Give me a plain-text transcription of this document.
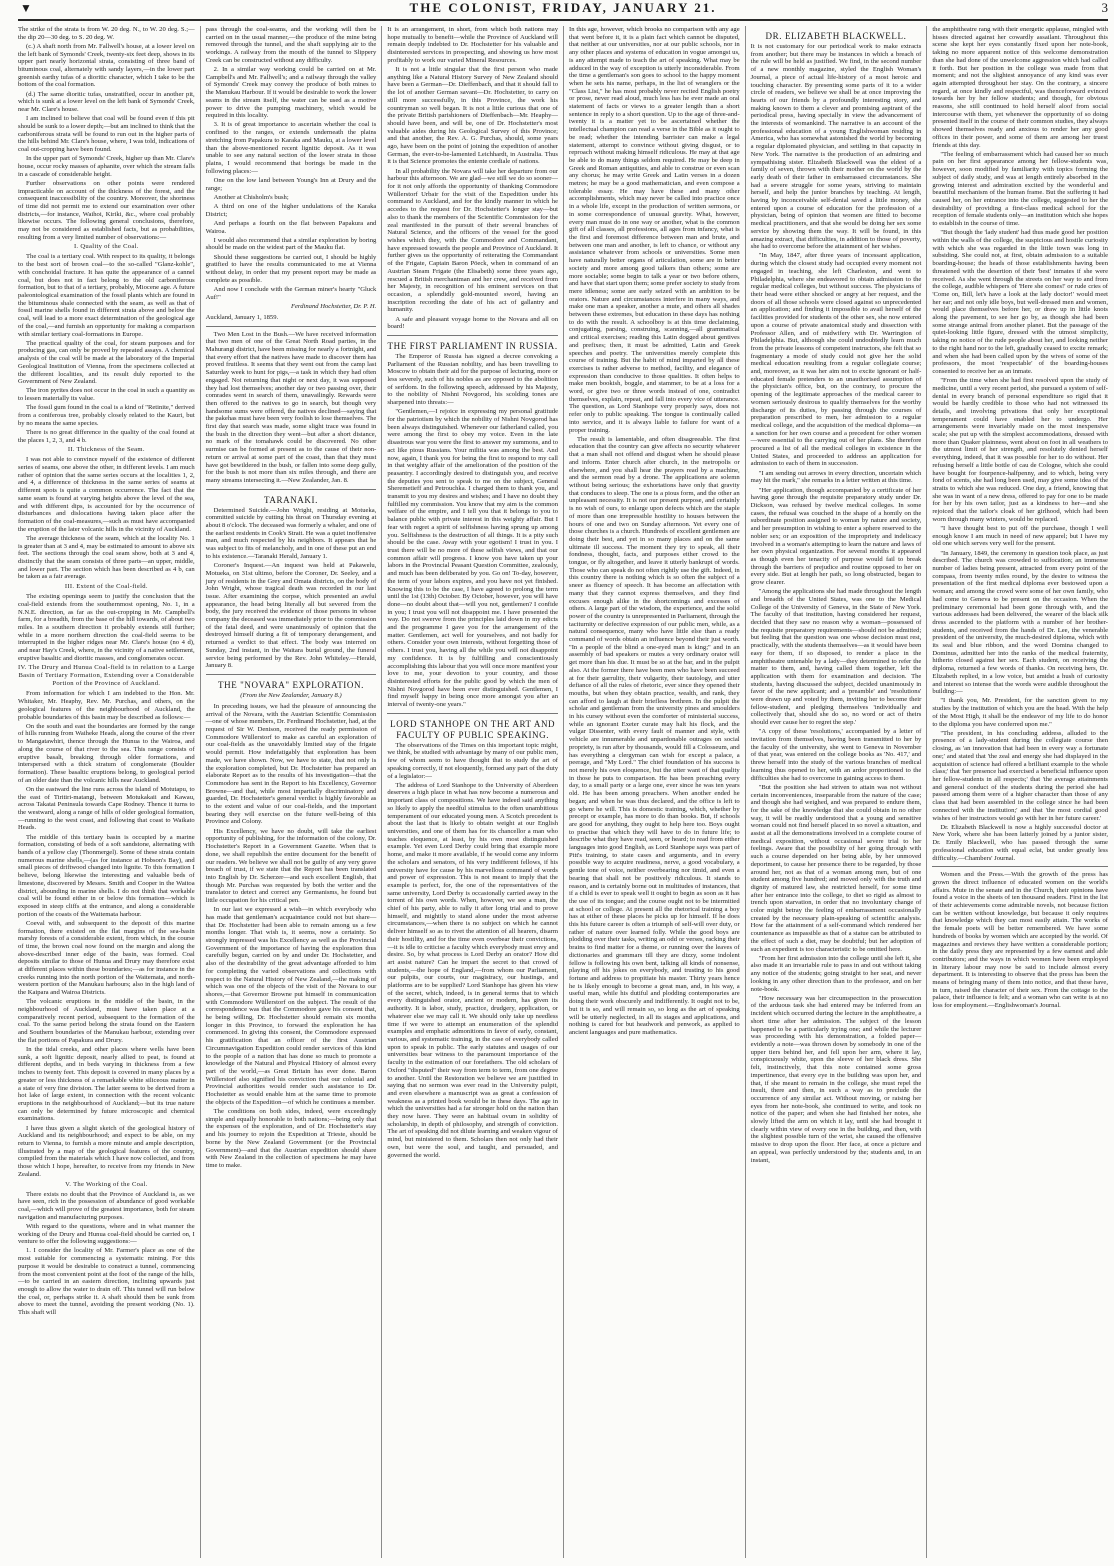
▼	THE COLONIST, FRIDAY, JANUARY 21.	3

The strike of the strata is from W. 20 deg. N., to W. 20 deg. S.;—the dip 20—30 deg. to S. 20 deg. W.

(c.) A shaft north from Mr. Fallwell's house, at a lower level on the left bank of Symonds' Creek, twenty-six feet deep, shows in its upper part nearly horizontal strata, consisting of three band of bituminous coal, alternately with sandy layers,—in the lower part greenish earthy tufas of a dioritic character, which I take to be the bottom of the coal formation.

(d.) The same dioritic tufas, unstratified, occur in another pit, which is sunk at a lower level on the left bank of Symonds' Creek, near Mr. Clare's house.

I am inclined to believe that coal will be found even if this pit should be sunk to a lower depth;—but am inclined to think that the carboniferous strata will be found to run out in the higher parts of the hills behind Mr. Clare's house, where, I was told, indications of coal out-cropping have been found.

In the upper part of Symonds' Creek, higher up than Mr. Clare's house, occur rocky masses of aphanite, over which the stream falls in a cascade of considerable height.

Further observations on other points were rendered impracticable on account of the thickness of the forest, and the consequent inaccessibility of the country. Moreover, the shortness of time did not permit me to extend our examination over other districts,—for instance, Waihoi, Kiriki, &c., where coal probably likewise occurs. The following general conclusions, therefore, may not be considered as established facts, but as probabilities, resulting from a very limited number of observations:—

I. Quality of the Coal.

The coal is a tertiary coal. With respect to its quality, it belongs to the best sort of brown coal—to the so-called "Glanz-kohle", with conchoidal fracture. It has quite the appearance of a cannel coal, but does not in fact belong to the old carboniferous formation, but to that of a tertiary, probably, Miocene age. A future paleontological examination of the fossil plants which are found in the bituminous shale connected with the seam, as well as that of fossil marine shells found in different strata above and below the coal, will lead to a more exact determination of the geological age of the coal,—and furnish an opportunity for making a comparison with similar tertiary coal-formations in Europe.

The practical quality of the coal, for steam purposes and for producing gas, can only be proved by repeated assays. A chemical analysis of the coal will be made at the laboratory of the Imperial Geological Institution of Vienna, from the specimens collected at the different localities, and its result duly reported to the Government of New Zealand.

The iron pyrites does not occur in the coal in such a quantity as to lessen materially its value.

The fossil gum found in the coal is a kind of "Retinite," derived from a coniferous tree, probably closely related to the Kauri, but by no means the same species.

There is no great difference in the quality of the coal found at the places 1, 2, 3, and 4 b.

II. Thickness of the Seam.

I was not able to convince myself of the existence of different series of seams, one above the other, in different levels. I am much rather of opinion that the same series occurs at the localities 1, 2, and 4, a difference of thickness in the same series of seams at different spots is quite a common occurrence. The fact that the same seam is found at varying heights above the level of the sea, and with different dips, is accounted for by the occurrence of disturbances and dislocations having taken place after the formation of the coal-measures,—such as must have accompanied the eruption of the later volcanic hills in the vicinity of Auckland.

The average thickness of the seam, which at the locality No. 1 is greater than at 3 and 4, may be estimated to amount to above six feet. The sections through the coal seam show, both at 3 and 4, distinctly that the seam consists of three parts—an upper, middle, and lower part. The section which has been described as 4 b, can be taken as a fair average.

III. Extent of the Coal-field.

The existing openings seem to justify the conclusion that the coal-field extends from the southernmost opening, No. 1, in a N.N.E. direction, as far as the out-cropping in Mr. Campbell's farm, for a breadth, from the base of the hill towards, of about two miles. In a southern direction it probably extends still further; while in a more northern direction the coal-field seems to be interrupted in the higher ridges near Mr. Clare's house (no 4 d), and near Hay's Creek, where, in the vicinity of a native settlement, eruptive basaltic and dioritic masses, and conglomerates occur.

IV. The Drury and Hunua Coal-field is in relation to a Large Basin of Tertiary Formation, Extending over a Considerable Portion of the Province of Auckland.

From information for which I am indebted to the Hon. Mr. Whitaker, Mr. Heaphy, Rev. Mr. Purchas, and others, on the geological features of the neighbourhood of Auckland, the probable boundaries of this basin may be described as follows:—

On the south and east the boundaries are formed by the range of hills running from Waiheke Heads, along the course of the river to Mangatawhiri, thence through the Hunua to the Wairoa, and along the course of that river to the sea. This range consists of eruptive basalt, breaking through older formations, and interspersed with a thick stratum of conglomerate (Boulder formation). These basaltic eruptions belong, to geological period of an older date than the volcanic hills near Auckland.

On the eastward the line runs across the island of Motutapu, to the east of Tiritiri-matangi, between Motukakaii and Kawau, across Takatai Peninsula towards Cape Rodney. Thence it turns to the westward, along a range of hills of older geological formation,—running to the west coast, and following that coast to Waikato Heads.

The middle of this tertiary basin is occupied by a marine formation, consisting of beds of a soft sandstone, alternating with bands of a yellow clay (Thonmergel). Some of these strata contain numerous marine shells,—(as for instance at Hobson's Bay), and small pieces of driftwood changed into lignite. To this formation I believe, belong likewise the interesting and valuable beds of limestone, discovered by Messrs. Smith and Cooper in the Waitoa district, abounding in marine shells. I do not think that workable coal will be found either in or below this formation—which is exposed in steep cliffs at the entrance, and along a considerable portion of the coasts of the Waitemata harbour.

Coeval with, and subsequent to the deposit of this marine formation, there existed on the flat margins of the sea-basin marshy forests of a considerable extent, from which, in the course of time, the brown coal now found on the margin and along the above-described inner edge of the basin, was formed. Coal deposits similar to those of Hunua and Drury may therefore exist at different places within these boundaries;—as for instance in the creeks running into the north portion of the Waitemata, and north-western portion of the Manukau harbours; also in the high land of the Kaipara and Wairoa Districts.

The volcanic eruptions in the middle of the basin, in the neighbourhood of Auckland, must have taken place at a comparatively recent period, subsequent to the formation of the coal. To the same period belong the strata found on the Eastern and Southern boundaries of the Manukau harbour, extending over the flat portions of Papakura and Drury.

In the tidal creeks, and other places where wells have been sunk, a soft lignitic deposit, nearly allied to peat, is found at different depths, and in beds varying in thickness from a few inches to twenty feet. This deposit is covered in many places by a greater or less thickness of a remarkable white siliceous matter in a state of very fine division. The latter seems to be derived from a hot lake of large extent, in connection with the recent volcanic eruptions in the neighbourhood of Auckland;—but its true nature can only be determined by future microscopic and chemical examinations.

I have thus given a slight sketch of the geological history of Auckland and its neighbourhood; and expect to be able, on my return to Vienna, to furnish a more minute and ample description, illustrated by a map of the geological features of the country, compiled from the materials which I have now collected, and from those which I hope, hereafter, to receive from my friends in New Zealand.

V. The Working of the Coal.

There exists no doubt that the Province of Auckland is, as we have seen, rich in the possession of abundance of good workable coal,—which will prove of the greatest importance, both for steam navigation and manufacturing purposes.

With regard to the questions, where and in what manner the working of the Drury and Hunua coal-field should be carried on, I venture to offer the following suggestions:—

1. I consider the locality of Mr. Farmer's place as one of the most suitable for commencing a systematic mining. For this purpose it would be desirable to construct a tunnel, commencing from the most convenient point at the foot of the range of the hills,—to be carried in an eastern direction, inclining upwards just enough to allow the water to drain off. This tunnel will run below the coal, or, perhaps strike it. A shaft should then be sunk from above to meet the tunnel, avoiding the present working (No. 1). This shaft will

pass through the coal-seams, and the working will then be carried on in the usual manner,—the produce of the mine being removed through the tunnel, and the shaft supplying air to the workings. A railway from the mouth of the tunnel to Slippery Creek can be constructed without any difficulty.

2. In a similar way working could be carried on at Mr. Campbell's and Mr. Fallwell's; and a railway through the valley of Symonds' Creek may convey the produce of both mines to the Manukau Harbour. If it would be desirable to work the lower seams in the stream itself, the water can be used as a motive power to drive the pumping machinery, which would be required in this locality.

3. It is of great importance to ascertain whether the coal is confined to the ranges, or extends underneath the plains stretching from Papakura to Karaka and Mauku, at a lower level than the above-mentioned recent lignitic deposit. As it was unable to see any natural section of the lower strata in those plains, I would recommend that borings be made in the following places:—

One on the low land between Young's Inn at Drury and the range;

Another at Chisholm's bush;

A third on one of the higher undulations of the Karaka District;

And perhaps a fourth on the flat between Papakura and Wairoa.

I would also recommend that a similar exploration by boring should be made on the widest part of the Mauku flat.

Should these suggestions be carried out, I should be highly gratified to have the results communicated to me at Vienna without delay, in order that my present report may be made as complete as possible.

And now I conclude with the German miner's hearty "Gluck Auf!"

Ferdinand Hochstetter, Dr. P. H.

Auckland, January 1, 1859.

Two Men Lost in the Bush.—We have received information that two men of one of the Great North Road parties, in the Mahurangi district, have been missing for nearly a fortnight, and that every effort that the natives have made to discover them has proved fruitless. It seems that they went out from the camp last Saturday week to hunt for pigs,—a task in which they had often engaged. Not returning that night or next day, it was supposed they had lost themselves; another day or two passing over, their comrades went in search of them, unavailingly. Rewards were then offered to the natives to go in search, but though very handsome sums were offered, the natives declined—saying that the pakehas must have been very foolish to lose themselves. The first day that search was made, some slight trace was found in the bush in the direction they went—but after a short distance, no mark of the tomahawk could be discovered. No other surmise can be formed at present as to the cause of their non-return or arrival at some part of the coast, than that they must have got bewildered in the bush, or fallen into some deep gully, for the bush is not more than six miles through, and there are many streams intersecting it.—New Zealander, Jan. 8.

TARANAKI.

Determined Suicide.—John Wright, residing at Motueka, committed suicide by cutting his throat on Thursday evening at about 8 o'clock. The deceased was formerly a whaler, and one of the earliest residents in Cook's Strait. He was a quiet inoffensive man, and much respected by his neighbors. It appears that he was subject to fits of melancholy, and in one of these put an end to his existence.—Taranaki Herald, January 1.

Coroner's Inquest.—An inquest was held at Pakawelu, Motueka, on 31st ultimo, before the Coroner, Dr. Seeley, and a jury of residents in the Grey and Omata districts, on the body of John Wright, whose tragical death was recorded in our last issue. After examining the corpse, which presented an awful appearance, the head being literally all but severed from the body, the jury received the evidence of those persons in whose company the deceased was immediately prior to the commission of the fatal deed, and were unanimously of opinion that the destroyed himself during a fit of temporary derangement, and returned a verdict to that effect. The body was interred on Sunday, 2nd instant, in the Waitara burial ground, the funeral service being performed by the Rev. John Whiteley.—Herald, January 8.

THE "NOVARA" EXPLORATION.
(From the New Zealander, January 8.)

In preceding issues, we had the pleasure of announcing the arrival of the Novara, with the Austrian Scientific Commission—one of whose members, Dr. Ferdinand Hochstetter, had, at the request of Sir W. Denison, received the ready permission of Commodore Wüllerstorf to make as careful an exploration of our coal-fields as the unavoidably limited stay of the frigate would permit. How indefatigably that exploration has been made, we have shown. Now, we have to state, that not only is the exploration completed, but Dr. Hochstetter has prepared an elaborate Report as to the results of his investigation—that the Commodore has sent in the Report to his Excellency, Governor Browne—and that, while most impartially discriminatory and guarded, Dr. Hochstetter's general verdict is highly favorable as to the extent and value of our coal-fields, and the important bearing they will exercise on the future well-being of this Province and Colony.

His Excellency, we have no doubt, will take the earliest opportunity of publishing, for the information of the colony, Dr. Hochstetter's Report in a Government Gazette. When that is done, we shall republish the entire document for the benefit of our readers. We believe we shall not be guilty of any very grave breach of trust, if we state that the Report has been translated into English by Dr. Scherzer—and such excellent English, that though Mr. Purchas was requested by both the writer and the translator to detect and correct any Germanisms, he found but little occupation for his critical pen.

In our last we expressed a wish—in which everybody who has made that gentleman's acquaintance could not but share—that Dr. Hochstetter had been able to remain among us a few months longer. That wish is, it seems, now a certainty. So strongly impressed was his Excellency as well as the Provincial Government of the importance of having the exploration thus carefully begun, carried on by and under Dr. Hochstetter, and also of the desirability of the great advantage afforded to him for completing the varied observations and collections with respect to the Natural History of New Zealand,—the making of which was one of the objects of the visit of the Novara to our shores,—that Governor Browne put himself in communication with Commodore Wüllerstorf on the subject. The result of the correspondence was that the Commodore gave his consent that, he being willing, Dr. Hochstetter should remain six months longer in this Province, to forward the exploration he has commenced. In giving this consent, the Commodore expressed his gratification that an officer of the first Austrian Circumnavigation Expedition could render services of this kind to the people of a nation that has done so much to promote a knowledge of the Natural and Physical History of almost every part of the world,—as Great Britain has ever done. Baron Wüllerstorf also signified his conviction that our colonial and Provincial authorities would render such assistance to Dr. Hochstetter as would enable him at the same time to promote the objects of the Expedition—of which he continues a member.

The conditions on both sides, indeed, were exceedingly simple and equally honorable to both nations;—being only that the expenses of the exploration, and of Dr. Hochstetter's stay and his journey to rejoin the Expedition at Trieste, should be borne by the New Zealand Government (or the Provincial Government)—and that the Austrian expedition should share with New Zealand in the collection of specimens he may have time to make.

It is an arrangement, in short, from which both nations may hope mutually to benefit—while the Province of Auckland will remain deeply indebted to Dr. Hochstetter for his valuable and disinterested services in prospecting, and showing us how most profitably to work our varied Mineral Resources.

It is not a little singular that the first person who made anything like a Natural History Survey of New Zealand should have been a German—Dr. Dieffenbach, and that it should fall to the lot of another German savant—Dr. Hochstetter, to carry on still more successfully, in this Province, the work his countryman so well began. It is not a little curious that one of the private British parishioners of Dieffenbach—Mr. Heaphy—should have been, and will be, one of Dr. Hochstetter's most valuable aides during his Geological Survey of this Province; and that another, the Rev. A. G. Purchas, should, some years ago, have been on the point of joining the expedition of another German, the ever-to-be-lamented Leichhardt, in Australia. Thus it is that Science promotes the entente cordiale of nations.

In all probability the Novara will take her departure from our harbour this afternoon. We are glad—we still we do so sooner—for it not only affords the opportunity of thanking Commodore Wüllerstorf Urbair for the visit of the Expedition under his command to Auckland, and for the kindly manner in which he accedes to the request for Dr. Hochstetter's longer stay—but also to thank the members of the Scientific Commission for the zeal manifested in the pursuit of their several branches of Natural Science, and the officers of the vessel for the good wishes which they, with the Commodore and Commandant, have expressed towards the people and Province of Auckland. It further gives us the opportunity of reiterating the Commandant of the Frigate, Captain Baron Pöeck, when in command of an Austrian Steam Frigate (the Elisabeth) some three years ago, rescued a British merchantman and her crew, and received from her Majesty, in recognition of his eminent services on that occasion, a splendidly gold-mounted sword, having an inscription recording the date of his act of gallantry and humanity.

A safe and pleasant voyage home to the Novara and all on board!

THE FIRST PARLIAMENT IN RUSSIA.

The Emperor of Russia has signed a decree convoking a Parliament of the Russian nobility, and has been travelling to Moscow to obtain their aid for the purpose of lecturing, more or less severely, such of his nobles as are opposed to the abolition of serfdom. In the following speech, addressed by his Majesty, to the nobility of Nishni Novgorod, his scolding tones are sharpened into threats:—

"Gentlemen,—I rejoice in expressing my personal gratitude for the patriotism by which the nobility of Nishni Novgorod has been always distinguished. Whenever our fatherland called, you were among the first to obey my voice. Even in the late disastrous war you were the first to answer my summons, and to act like pious Russians. Your militia was among the best. And now, again, I thank you for being the first to respond to my call in that weighty affair of the amelioration of the position of the peasantry. I accordingly desired to distinguish you, and receive the deputies you sent to speak to me on the subject, General Sheremetieff and Petrouchka. I charged them to thank you, and transmit to you my desires and wishes; and I have no doubt they fulfilled my commission. You know that my aim is the common welfare of the empire, and I tell you that it belongs to you to balance public with private interest in this weighty affair. But I fear with regret a spirit of selfishness having sprung up among you. Selfishness is the destruction of all things. It is a pity such should be the case. Away with your egotism! I trust in you. I trust there will be no more of these selfish views, and that our common affair will progress. I know you have taken up your labors in the Provincial Peasant Question Committee, zealously, and much has been deliberated by you. Go on! To-day, however, the term of your labors expires, and you have not yet finished. Knowing this to be the case, I have agreed to prolong the term until the 1st (13th) October. By October, however, you will have done—no doubt about that—will you not, gentlemen? I confide in you; I trust you will not disappoint me. I have presented the way. Do not swerve from the principles laid down in my edicts and the programme I gave you for the arrangement of the matter. Gentlemen, act well for yourselves, and not badly for others. Consider your own interests, without forgetting those of others. I trust you, having all the while you will not disappoint my confidence. It is by fulfilling and conscientiously accomplishing this labour that you will once more manifest your love to me, your devotion to your country, and those disinterested efforts for the public good by which the men of Nishni Novgorod have been ever distinguished. Gentlemen, I find myself happy in being once more amongst you after an interval of twenty-one years."

LORD STANHOPE ON THE ART AND FACULTY OF PUBLIC SPEAKING.

The observations of the Times on this important topic might, we think, be studied with advantage by many of our public men, few of whom seem to have thought that to study the art of speaking correctly, if not eloquently, formed any part of the duty of a legislator:—

The address of Lord Stanhope to the University of Aberdeen deserves a high place in what has now become a numerous and important class of compositions. We have indeed said anything so likely to apply the needful stimulus to the often unambitious temperament of our educated young men. A Scotch precedent is about the last that is likely to obtain weight at our English universities, and one of them has for its chancellor a man who teaches eloquence, at least, by his own most distinguished example. Yet even Lord Derby could bring that example more home, and make it more available, if he would come any inform the scholars and senators, of his very indifferent fellows, if his university have for cause by his marvellous command of words and power of expression. This is not meant to imply that the example is perfect, for, the one of the representatives of the same university, Lord Derby is occasionally carried away in the torrent of his own words. When, however, we see a man, the chief of his party, able to rally it after long trial and to prove himself, and mightily to stand alone under the most adverse circumstances,—when there is no subject on which he cannot deliver himself so as to rivet the attention of all hearers, disarm their hostility, and for the time even overbear their convictions,—it is idle to criticise a faculty which everybody must envy and desire. So, by what process is Lord Derby an orator? How did art assist nature? Can he impart the secret to that crowd of students,—the hope of England,—from whom our Parliament, our pulpits, our courts, our magistracy, our hustings, and platforms are to be supplied? Lord Stanhope has given his view of the secret, which, indeed, is in general terms that to which every distinguished orator, ancient or modern, has given its authority. It is labor, study, practice, drudgery, application, or whatever else we may call it. We should only take up needless time if we were to attempt an enumeration of the splendid examples and emphatic admonitions in favor of early, constant, various, and systematic training, in the case of everybody called upon to speak in public. The early statutes and usages of our universities bear witness to the paramount importance of the faculty in the estimation of our forefathers. The old scholars of Oxford "disputed" their way from term to term, from one degree to another. Until the Restoration we believe we are justified in saying that no sermon was ever read in the University pulpit, and even elsewhere a manuscript was as great a confession of weakness as a printed book would be in these days. The age in which the universities had a far stronger hold on the nation than they now have. They were an habitual ovum in solidity of scholarship, in depth of philosophy, and strength of conviction. The art of speaking did not dilute learning and weaken vigour of mind, but ministered to them. Scholars then not only had their own, but were the soul, and taught, and persuaded, and governed the world.

In this age, however, which brooks no comparison with any age that went before it, it is a plain fact which cannot be disputed, that neither at our universities, nor at our public schools, nor in any other places and systems of education in vogue amongst us, is any attempt made to teach the art of speaking. What may be adduced in the way of exception is utterly inconsiderable. From the time a gentleman's son goes to school to the happy moment when he sets his name, perhaps, in the list of wranglers or the "Class List," he has most probably never recited English poetry or prose, never read aloud, much less has he ever made an oral statement of facts or views to a greater length than a short sentence in reply to a short question. Up to the age of three-and-twenty it is a matter yet to be ascertained whether the intellectual champion can read a verse in the Bible as it ought to be read; whether the intending barrister can make a legal statement, attempt to convince without giving disgust, or to reproach without making himself ridiculous. He may at that age be able to do many things seldom required. He may be deep in Greek and Roman antiquities, and able to construe or even scan any chorus; he may write Greek and Latin verses in a dozen metres; he may be a good mathematician, and even compose a tolerable essay. He may have these and many other accomplishments, which may never be called into practice once in a whole life, except in the production of written sermons, or in some correspondence of unusual gravity. What, however, every man must do in one way or another, what is the common gift of all classes, all professions, all ages from infancy, what is the first and foremost difference between man and brute, and between one man and another, is left to chance, or without any assistance whatever from schools or universities. Some men have naturally better organs of articulation, some are in better society and more among good talkers than others; some are more sociable; some begin to talk a year or two before others, and have that start upon them; some prefer society to study from mere idleness; some are early seized with an ambition to be orators. Nature and circumstances interfere in many ways, and make one man a speaker, another a mute, and others all shades between these extremes, but education in these days has nothing to do with the result. A schoolboy is at this time declaiming, conjugating, parsing, construing, scanning,—all grammatical and critical exercises; reading this Latin dogged about gentives and prefixes; then, it must be admitted, Latin and Greek speeches and poetry. The universities merely complete this course of training. But the habit of mind imparted by all these exercises is rather adverse to method, facility, and elegance of expression than conducive to those qualities. It often helps to make men bookish, boggle, and stammer, to be at a loss for a word, or give two or three words instead of one, contradict themselves, explain, repeat, and fall into every vice of utterance. The question, as Lord Stanhope very properly says, does not refer only to public speaking. The tongue is continually called into service, and it is always liable to failure for want of a proper training.

The result is lamentable, and often disagreeable. The first education that the country can give affects no security whatever that a man shall not offend and disgust when he should please and inform. Enter church after church, in the metropolis or elsewhere, and you shall hear the prayers read by a machine, and the sermon read by a drone. The applications are solemn without being serious; the exhortations have only that gravity that conduces to sleep. The one is a pious form, and the other an unpleasant necessity. It is not our present purpose, and certainly is no wish of ours, to enlarge upon defects which are the staple of more than one irrepressible hostility to houses between the hours of one and two on Sunday afternoon. Yet every one of those churches is a church. Hundreds of excellent gentlemen are doing their best, and yet in so many places and on the same ultimate ill success. The moment they try to speak, all their fondness, thought, facts, and purposes either crowd to the tongue, or fly altogether, and leave it utterly bankrupt of words. Those who can speak do not often rightly use the gift. Indeed, in this country there is nothing which is so often the subject of a sneer as fluency of speech. It has become an affectation with many that they cannot express themselves, and they find excuses enough alike in the shortcomings and excesses of others. A large part of the wisdom, the experience, and the solid power of the country is unrepresented in Parliament, through the taciturnity or defective expression of our public men, while, as a natural consequence, many who have little else than a ready command of words obtain an influence beyond their just worth. "In a people of the blind a one-eyed man is king;" and in an assembly of bad speakers or mutes a very ordinary orator will get more than his due. It must be so at the bar, and in the pulpit also. At the former there have been men who have been succeed at for their garrulity, their vulgarity, their tautology, and utter defiance of all the rules of rhetoric, ever since they opened their mouths, but when they obtain practice, wealth, and rank, they can afford to laugh at their briefless brethren. In the pulpit the scholar and gentleman from the university pines and smoulders in his cursey without even the comforter of ministerial success, while an ignorant Exeter curate may halt his flock, and the vulgar Dissenter, with every fault of manner and style, with vehicle are innumerable and unpardonable outrages on social propriety, is run after by thousands, would fill a Colosseum, and has everything a clergyman can wish for except a palace, a peerage, and "My Lord." The chief foundation of his success is not merely his own eloquence, but the utter want of that quality in those he puts to comparison. He has been preaching every day, to a small party or a large one, ever since he was ten years old. He has been among preachers. When another ended he began; and when he was thus declared, and the office is left to go where he will. This is domestic training, which, whether by precept or example, has more to do than books. But, if schools are good for anything, they ought to help here too. Boys ought to practise that which they will have to do in future life; to describe what they have read, seen, or heard; to read from either languages into good English, as Lord Stanhope says was part of Pitt's training, to state cases and arguments, and in every possible way to acquire readiness, nerve, a good vocabulary, a gentle tone of voice, neither overbearing nor timid, and even a bearing that shall not be positively ridiculous. It stands to reason, and is certainly borne out in multitudes of instances, that if a child is ever to speak well it ought to begin as soon as it has the use of its tongue; and the course ought not to be intermitted at school or college. At present all the rhetorical training a boy has at either of these places he picks up for himself. If he does this his future career is often a triumph of self-will over duty, or rather of nature over learned folly. While the good boys are plodding over their tasks, writing an odd or verses, racking their brains to find matter for a theme, or running over the leaves of dictionaries and grammars till they are dizzy, some indolent fellow is following his own bent, talking all kinds of nonsense, playing off his jokes on everybody, and trusting to his good fortune and address to propitiate his master. Thirty years hence he is likely enough to become a great man, and, in his way, a useful man, while his dutiful and plodding contemporaries are doing their work obscurely and indifferently. It ought not to be, but it is so, and will remain so, so long as the art of speaking will be utterly neglected, in all its stages and applications, and nothing is cared for but headwork and penwork, as applied to ancient languages and pure mathematics.

DR. ELIZABETH BLACKWELL.

It is not customary for our periodical work to make extracts from another; but there may be instances in which a breach of the rule will be held as justified. We find, in the second number of a new monthly magazine, styled the English Woman's Journal, a piece of actual life-history of a most heroic and touching character. By presenting some parts of it to a wider circle of readers, we believe we shall be at once improving the hearts of our friends by a profoundly interesting story, and making known to them a clever and promising aspirant of the periodical press, having specially in view the advancement of the interests of womankind. The narrative is an account of the professional education of a young Englishwoman residing in America, who has somewhat astonished the world by becoming a regular diplomated physician, and settling in that capacity in New York. The narrative is the production of an admiring and sympathising sister. Elizabeth Blackwell was the eldest of a family of seven, thrown with their mother on the world by the early death of their father in embarrassed circumstances. She had a severe struggle for some years, striving to maintain herself, and help the junior branches by teaching. At length, having by inconceivable self-denial saved a little money, she entered upon a course of education for the profession of a physician, being of opinion that women are fitted to become medical practitioners, and that she would be doing her sex some service by showing them the way. It will be found, in this amazing extract, that difficulties, in addition to those of poverty, she had to overcome before the attainment of her wishes.

"In May, 1847, after three years of incessant application, during which the closest study had occupied every moment not engaged in teaching, she left Charleston, and went to Philadelphia, where she endeavored to obtain admission to the regular medical colleges, but without success. The physicians of their head were either shocked or angry at her request, and the doors of all those schools were closed against so unprecedented an application; and finding it impossible to avail herself of the facilities provided for students of the other sex, she now entered upon a course of private anatomical study and dissection with Professor Allen, and of midwifery with Dr. Warrington of Philadelphia. But, although she could undoubtedly learn much from the private lessons of competent instructors, she felt that so fragmentary a mode of study could not give her the solid medical education resulting from a regular collegiate course; and, moreover, as it was her aim not to excite ignorant or half-educated female pretenders to an unauthorised assumption of the physician's office, but, on the contrary, to procure the opening of the legitimate approaches of the medical career to women seriously desirous to qualify themselves for the worthy discharge of its duties, by passing through the courses of preparation prescribed to men, her admission to a regular medical college, and the acquisition of the medical diploma—as a sanction for her own course and a precedent for other women—were essential to the carrying out of her plans. She therefore procured a list of all the medical colleges in existence in the United States, and proceeded to address an application for admission to each of them in succession.

"I am sending out arrows in every direction, uncertain which may hit the mark," she remarks in a letter written at this time.

"Her application, though accompanied by a certificate of her having gone through the requisite preparatory study under Dr. Dickson, was refused by twelve medical colleges. In some cases, the refusal was couched in the shape of a homily on the subordinate position assigned to woman by nature and society, and her presumption in wishing to enter a sphere reserved to the nobler sex; or an exposition of the impropriety and indelicacy involved in a woman's attempting to learn the nature and laws of her own physical organization. For several months it appeared as though even her tenacity of purpose would fail to break through the barriers of prejudice and routine opposed to her on every side. But at length her path, so long obstructed, began to grow clearer.

"Among the applications she had made throughout the length and breadth of the United States, was one to the Medical College of the University of Geneva, in the State of New York. The faculty of that institution, having considered her request, decided that they saw no reason why a woman—possessed of the requisite preparatory requirements—should not be admitted; but feeling that the question was one whose decision must rest, practically, with the students themselves—as it would have been easy for them, if so disposed, to render a place in the amphitheatre untenable by a lady—they determined to refer the matter to them, and, having called them together, left the application with them for examination and decision. The students, having discussed the subject, decided unanimously in favor of the new applicant; and a 'preamble' and 'resolutions' were drawn up and voted by them, inviting her to become their fellow-student, and pledging themselves 'individually and collectively that, should she do so, no word or act of theirs should ever cause her to regret the step.'

"A copy of these 'resolutions,' accompanied by a letter of invitation from themselves, having been transmitted to her by the faculty of the university, she went to Geneva in November of that year, was entered on the college books as 'No. 417,' and threw herself into the study of the various branches of medical learning thus opened to her, with an ardor proportioned to the difficulties she had to overcome in gaining access to them.

"But the position she had striven to attain was not without certain inconveniences, inseparable from the nature of the case; and though she had weighed, and was prepared to endure them, for the sake of the knowledge that she could obtain in no other way, it will be readily understood that a young and sensitive woman could not find herself placed in so novel a situation, and assist at all the demonstrations involved in a complete course of medical exposition, without occasional severe trial to her feelings. Aware that the possibility of her going through with such a course depended on her being able, by her unmoved deportment, to cause her presence there to be regarded, by those around her, not as that of a woman among men, but of one student among five hundred; and moved only with the truth and dignity of matured law, she restricted herself, for some time after her entrance into the college, to diet so rigid as almost to trench upon starvation, in order that no involuntary change of color might betray the feeling of embarrassment occasionally created by the necessary plain-speaking of scientific analysis. How far the attainment of a self-command which rendered her countenance as impassible as that of a statue can be attributed to the effect of such a diet, may be doubtful; but her adoption of such an expedient is too characteristic to be omitted here.

"From her first admission into the college until she left it, she also made it an invariable rule to pass in and out without taking any notice of the students; going straight to her seat, and never looking in any other direction than to the professor, and on her note-book.

"How necessary was her circumspection in the prosecution of the arduous task she had entered may be inferred from an incident which occurred during the lecture in the amphitheatre, a short time after her admission. The subject of the lesson happened to be a particularly trying one; and while the lecturer was proceeding with his demonstration, a folded paper—evidently a note—was thrown down by somebody in one of the upper tiers behind her, and fell upon her arm, where it lay, conspicuously white, upon the sleeve of her black dress. She felt, instinctively, that this note contained some gross impertinence, that every eye in the building was upon her, and that, if she meant to remain in the college, she must repel the insult, there and then, in such a way as to preclude the occurrence of any similar act. Without moving, or raising her eyes from her note-book, she continued to write, and took no notice of the paper; and when she had finished her notes, she slowly lifted the arm on which it lay, until she had brought it clearly within view of every one in the building, and then, with the slightest possible turn of the wrist, she caused the offensive missive to drop upon the floor. Her face, at once a picture and an appeal, was perfectly understood by the; students and, in an instant,

the amphitheatre rang with their energetic applause, mingled with hisses directed against her cowardly assailant. Throughout this scene she kept her eyes constantly fixed upon her note-book, taking no more apparent notice of this welcome demonstration than she had done of the unwelcome aggression which had called it forth. But her position in the college was made from that moment; and not the slightest annoyance of any kind was ever again attempted throughout her stay. On the contrary, a sincere regard, at once kindly and respectful, was thenceforward evinced towards her by her fellow students; and though, for obvious reasons, she still continued to hold herself aloof from social intercourse with them, yet whenever the opportunity of so doing presented itself in the course of their common studies, they always showed themselves ready and anxious to render her any good offices in their power, and some of them are among her truest friends at this day.

"The feeling of embarrassment which had caused her so much pain on her first appearance among her fellow-students was, however, soon modified by familiarity with topics forming the subject of daily study, and was at length entirely absorbed in the growing interest and admiration excited by the wonderful and beautiful mechanism of the human frame. But the suffering it had caused her, on her entrance into the college, suggested to her the desirability of providing a first-class medical school for the reception of female students only—an institution which she hopes to establish in the course of time.

"But though the 'lady student' had thus made good her position within the walls of the college, the suspicious and hostile curiosity with which she was regarded in the little town was long in subsiding. She could not, at first, obtain admission to a suitable boarding-house; the heads of those establishments having been threatened with the desertion of their 'best' inmates if she were received. As she went through the streets on her way to and from the college, audible whispers of 'Here she comes!' or rude cries of 'Come on, Bill, let's have a look at the lady doctor!' would meet her ear; and not only idle boys, but well-dressed men and women, would place themselves before her, or draw up in little knots along the pavement, to see her go by, as though she had been some strange animal from another planet. But the passage of the quiet-looking little figure, dressed with the utmost simplicity, taking no notice of the rude people about her, and looking neither to the right hand nor to the left, gradually ceased to excite remark; and when she had been called upon by the wives of some of the professors, the most 'respectable' of the boarding-houses consented to receive her as an inmate.

"From the time when she had first resolved upon the study of medicine, until a very recent period, she pursued a system of self-denial in every branch of personal expenditure so rigid that it would be hardly credible to those who had not witnessed its details, and involving privations that only her exceptional temperament could have enabled her to undergo. Her arrangements were invariably made on the most inexpensive scale; she put up with the simplest accommodations, dressed with more than Quaker plainness, went about on foot in all weathers to the utmost limit of her strength, and resolutely denied herself everything, indeed, that it was possible for her to do without. Her refusing herself a little bottle of cau de Cologne, which she could have bought for fourpence-halfpenny, and to which, being very fond of scents, she had long been used, may give some idea of the straits to which she was reduced. One day, a friend, knowing that she was in want of a new dress, offered to pay for one to be made for her by his own tailor, just as a kindness to her—and she rejoiced that the tailor's cloak of her girlhood, which had been worn through many winters, would be replaced.

"I have thought best to put off the purchase, though I well enough know I am much in need of new apparel; but I have my old one which serves very well for the present.

"In January, 1849, the ceremony in question took place, as just described. The church was crowded to suffocation; an immense number of ladies being present, attracted from every point of the compass, from twenty miles round, by the desire to witness the presentation of the first medical diploma ever bestowed upon a woman; and among the crowd were some of her own family, who had come to Geneva to be present on the occasion. When the preliminary ceremonial had been gone through with, and the various addresses had been delivered, the wearer of the black silk dress ascended to the platform with a number of her brother-students, and received from the hands of Dr. Lee, the venerable president of the university, the much-desired diploma, which with its seal and blue ribbon, and the word Domina changed to Dominus, admitted her into the ranks of the medical fraternity, hitherto closed against her sex. Each student, on receiving the diploma, returned a few words of thanks. On receiving hers, Dr. Elizabeth replied, in a low voice, but amidst a hush of curiosity and interest so intense that the words were audible throughout the building:—

"I thank you, Mr. President, for the sanction given to my studies by the institution of which you are the head. With the help of the Most High, it shall be the endeavor of my life to do honor to the diploma you have conferred upon me."

"The president, in his concluding address, alluded to the presence of a lady-student during the collegiate course then closing, as 'an innovation that had been in every way a fortunate one;' and stated that 'the zeal and energy she had displayed in the acquisition of science had offered a brilliant example to the whole class;' that 'her presence had exercised a beneficial influence upon her fellow-students in all respects;' that 'the average attainments and general conduct of the students during the period she had passed among them were of a higher character than those of any class that had been assembled in the college since he had been connected with the institution;' and that 'the most cordial good wishes of her instructors would go with her in her future career.'

Dr. Elizabeth Blackwell is now a highly successful doctor at New York, where she has been latterly joined by a junior sister, Dr. Emily Blackwell, who has passed through the same professional education with equal eclat, but under greatly less difficulty.—Chambers' Journal.

Women and the Press.—With the growth of the press has grown the direct influence of educated women on the world's affairs. Mute in the senate and in the Church, their opinions have found a voice in the sheets of ten thousand readers. First in the list of their achievements come admirable novels, not because fiction can be written without knowledge, but because it only requires that knowledge which they can most easily attain. The works of the female poets will be better remembered. We have some hundreds of books by women which are accepted by the world. Of magazines and reviews they have written a considerable portion; in the daily press they are represented by a few earnest and able contributors; and the ways in which women have been employed in literary labour may now be said to include almost every department. It is interesting to observe that the press has been the means of bringing many of them into notice, and that these have, in turn, raised the character of their sex. From the cottage to the palace, their influence is felt; and a woman who can write is at no loss for employment.—Englishwoman's Journal.
